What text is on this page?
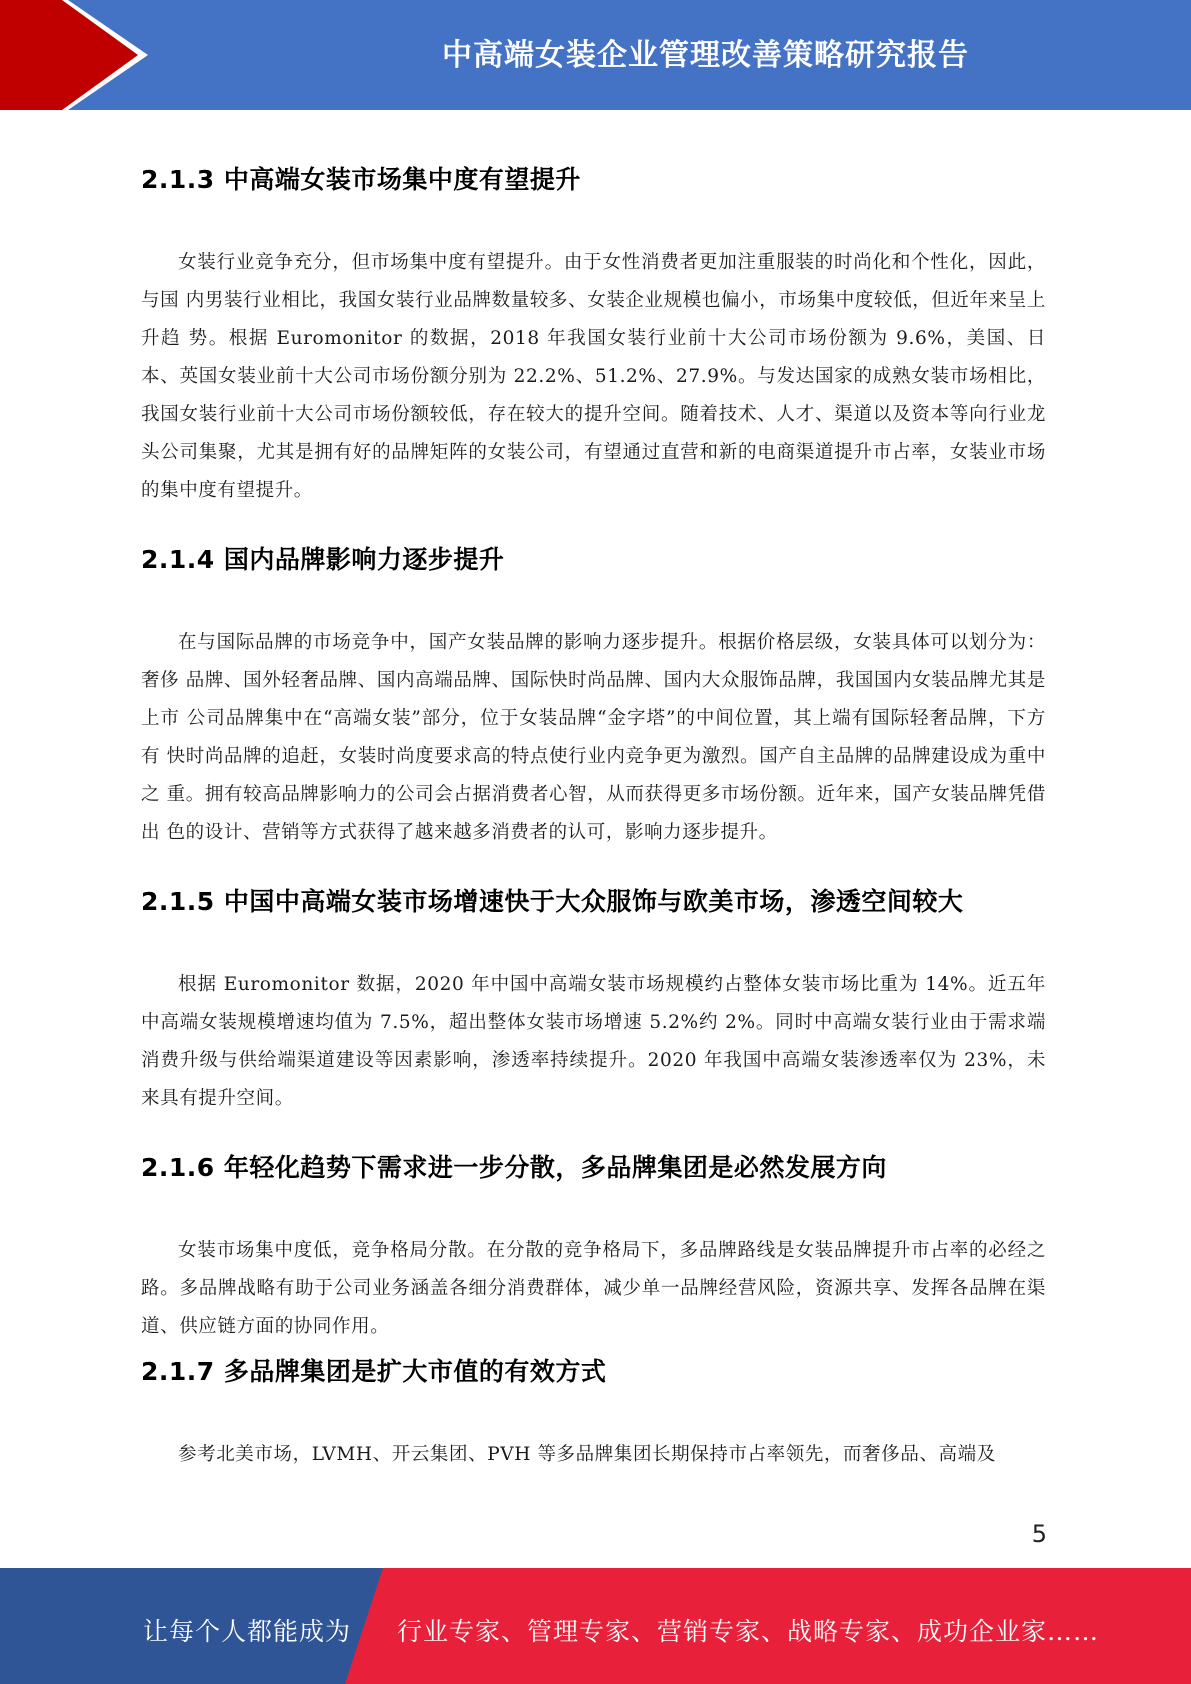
中高端女装企业管理改善策略研究报告
2.1.3 中高端女装市场集中度有望提升

女装行业竞争充分，但市场集中度有望提升。由于女性消费者更加注重服装的时尚化和个性化，因此，与国 内男装行业相比，我国女装行业品牌数量较多、女装企业规模也偏小，市场集中度较低，但近年来呈上升趋 势。根据 Euromonitor 的数据，2018 年我国女装行业前十大公司市场份额为 9.6%，美国、日本、英国女装业前十大公司市场份额分别为 22.2%、51.2%、27.9%。与发达国家的成熟女装市场相比，我国女装行业前十大公司市场份额较低，存在较大的提升空间。随着技术、人才、渠道以及资本等向行业龙头公司集聚，尤其是拥有好的品牌矩阵的女装公司，有望通过直营和新的电商渠道提升市占率，女装业市场的集中度有望提升。

2.1.4 国内品牌影响力逐步提升

在与国际品牌的市场竞争中，国产女装品牌的影响力逐步提升。根据价格层级，女装具体可以划分为：奢侈 品牌、国外轻奢品牌、国内高端品牌、国际快时尚品牌、国内大众服饰品牌，我国国内女装品牌尤其是上市 公司品牌集中在“高端女装”部分，位于女装品牌“金字塔”的中间位置，其上端有国际轻奢品牌，下方有 快时尚品牌的追赶，女装时尚度要求高的特点使行业内竞争更为激烈。国产自主品牌的品牌建设成为重中之 重。拥有较高品牌影响力的公司会占据消费者心智，从而获得更多市场份额。近年来，国产女装品牌凭借出 色的设计、营销等方式获得了越来越多消费者的认可，影响力逐步提升。

2.1.5 中国中高端女装市场增速快于大众服饰与欧美市场，渗透空间较大

根据 Euromonitor 数据，2020 年中国中高端女装市场规模约占整体女装市场比重为 14%。近五年中高端女装规模增速均值为 7.5%，超出整体女装市场增速 5.2%约 2%。同时中高端女装行业由于需求端消费升级与供给端渠道建设等因素影响，渗透率持续提升。2020 年我国中高端女装渗透率仅为 23%，未来具有提升空间。

2.1.6 年轻化趋势下需求进一步分散，多品牌集团是必然发展方向

女装市场集中度低，竞争格局分散。在分散的竞争格局下，多品牌路线是女装品牌提升市占率的必经之路。多品牌战略有助于公司业务涵盖各细分消费群体，减少单一品牌经营风险，资源共享、发挥各品牌在渠道、供应链方面的协同作用。

2.1.7 多品牌集团是扩大市值的有效方式

参考北美市场，LVMH、开云集团、PVH 等多品牌集团长期保持市占率领先，而奢侈品、高端及

5
让每个人都能成为 行业专家、管理专家、营销专家、战略专家、成功企业家……
